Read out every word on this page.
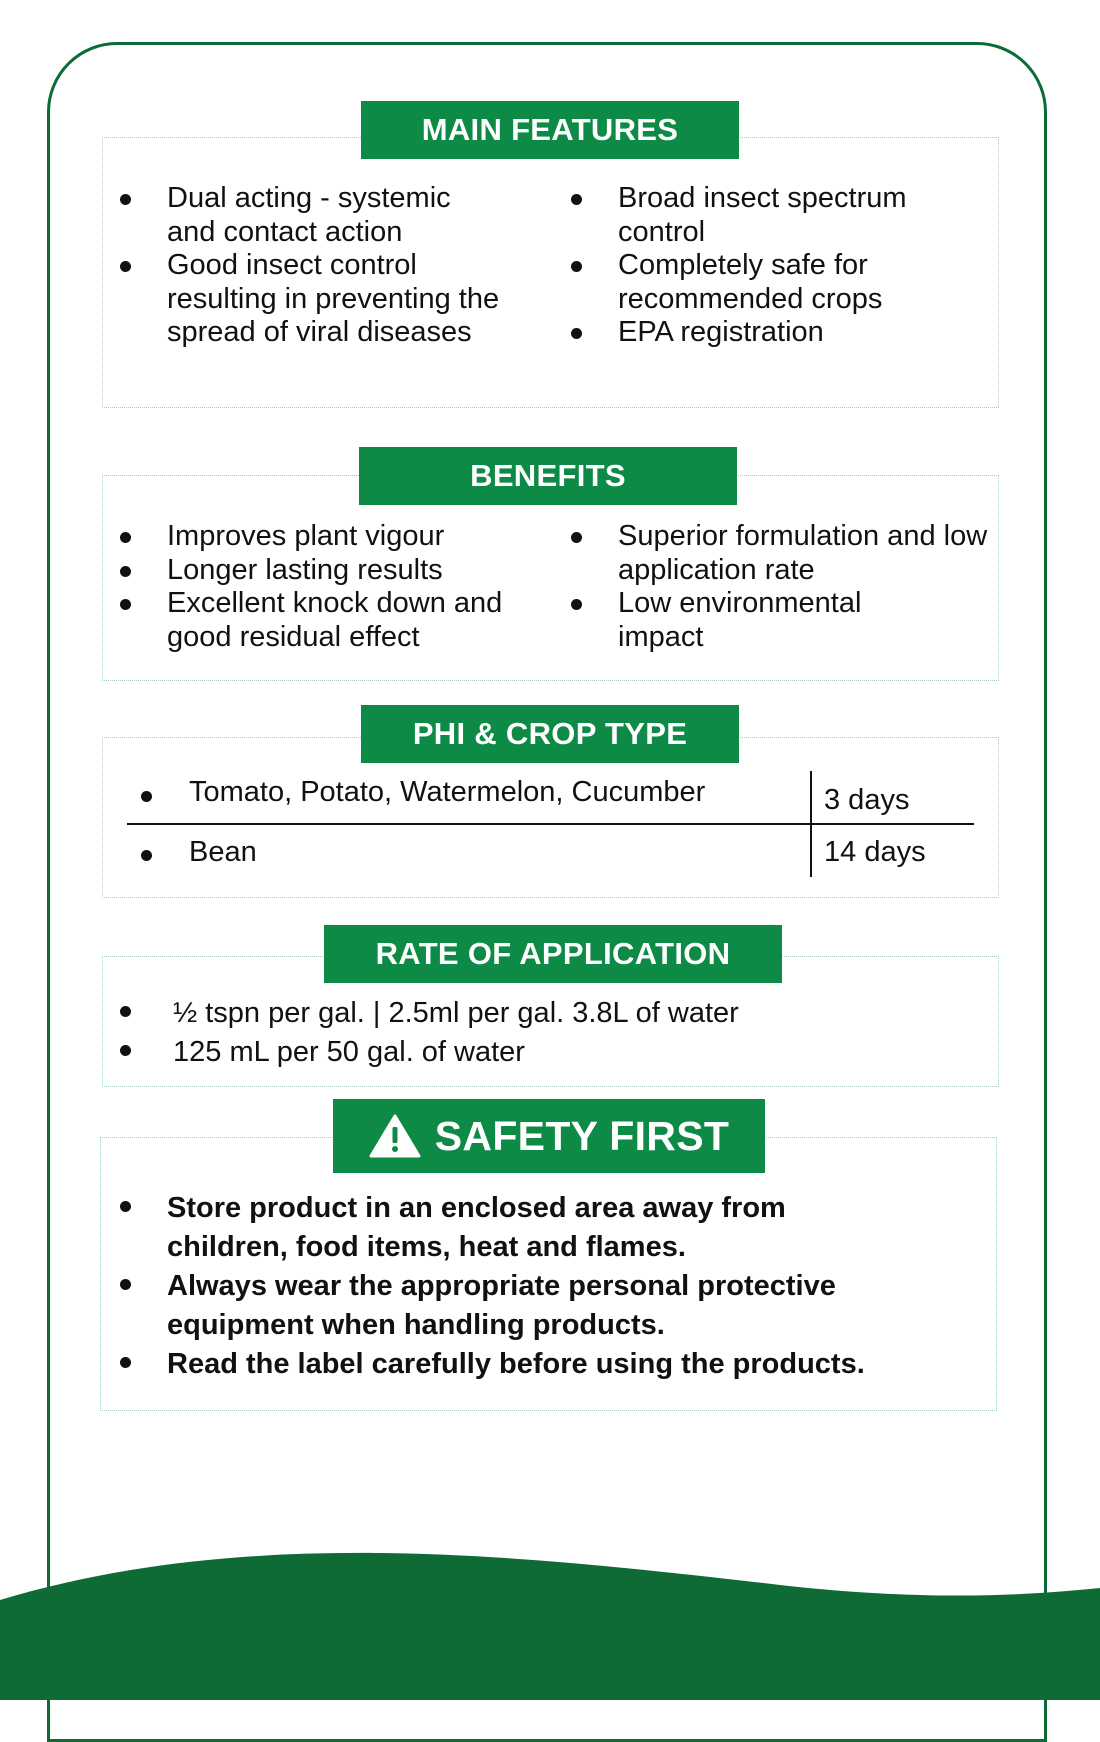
MAIN FEATURES
Dual acting - systemic and contact action
Good insect control resulting in preventing the spread of viral diseases
Broad insect spectrum control
Completely safe for recommended crops
EPA registration
BENEFITS
Improves plant vigour
Longer lasting results
Excellent knock down and good residual effect
Superior formulation and low application rate
Low environmental impact
PHI & CROP TYPE
Tomato, Potato, Watermelon, Cucumber	3 days
Bean	14 days
RATE OF APPLICATION
½ tspn per gal. | 2.5ml per gal. 3.8L of water
125 mL per 50 gal. of water
SAFETY FIRST
Store product in an enclosed area away from children, food items, heat and flames.
Always wear the appropriate personal protective equipment when handling products.
Read the label carefully before using the products.
